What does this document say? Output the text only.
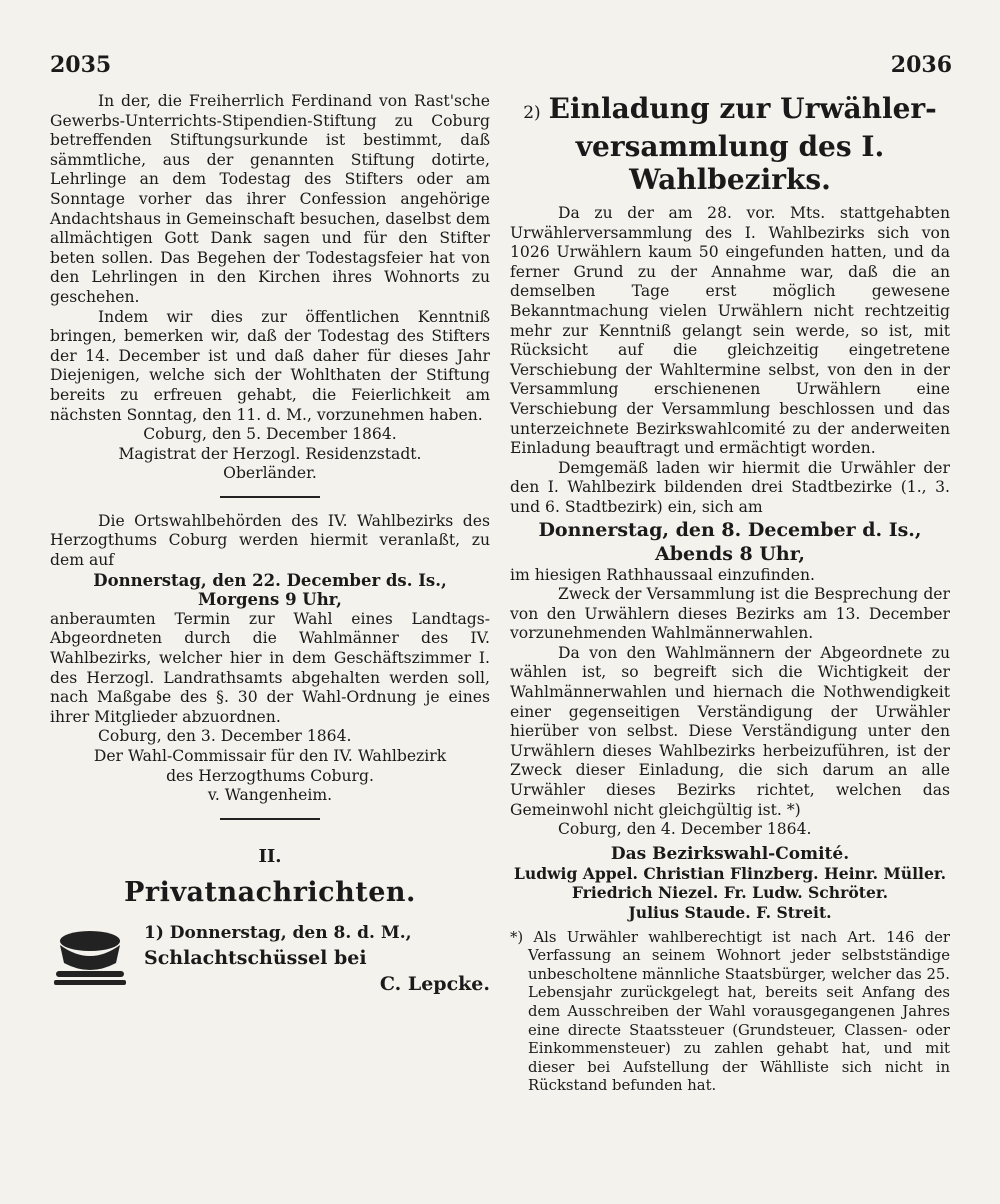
2035	2036

In der, die Freiherrlich Ferdinand von Rast'sche Gewerbs-Unterrichts-Stipendien-Stiftung zu Coburg betreffenden Stiftungsurkunde ist bestimmt, daß sämmtliche, aus der genannten Stiftung dotirte, Lehrlinge an dem Todestag des Stifters oder am Sonntage vorher das ihrer Confession angehörige Andachtshaus in Gemeinschaft besuchen, daselbst dem allmächtigen Gott Dank sagen und für den Stifter beten sollen. Das Begehen der Todestagsfeier hat von den Lehrlingen in den Kirchen ihres Wohnorts zu geschehen.

Indem wir dies zur öffentlichen Kenntniß bringen, bemerken wir, daß der Todestag des Stifters der 14. December ist und daß daher für dieses Jahr Diejenigen, welche sich der Wohlthaten der Stiftung bereits zu erfreuen gehabt, die Feierlichkeit am nächsten Sonntag, den 11. d. M., vorzunehmen haben.

Coburg, den 5. December 1864.

Magistrat der Herzogl. Residenzstadt.

Oberländer.

Die Ortswahlbehörden des IV. Wahlbezirks des Herzogthums Coburg werden hiermit veranlaßt, zu dem auf

Donnerstag, den 22. December ds. Is.,

Morgens 9 Uhr,

anberaumten Termin zur Wahl eines Landtags-Abgeordneten durch die Wahlmänner des IV. Wahlbezirks, welcher hier in dem Geschäftszimmer I. des Herzogl. Landrathsamts abgehalten werden soll, nach Maßgabe des §. 30 der Wahl-Ordnung je eines ihrer Mitglieder abzuordnen.

Coburg, den 3. December 1864.

Der Wahl-Commissair für den IV. Wahlbezirk

des Herzogthums Coburg.

v. Wangenheim.

II.
Privatnachrichten.
1) Donnerstag, den 8. d. M.,
Schlachtschüssel bei
C. Lepcke.
2) Einladung zur Urwähler-
versammlung des I. Wahlbezirks.

Da zu der am 28. vor. Mts. stattgehabten Urwählerversammlung des I. Wahlbezirks sich von 1026 Urwählern kaum 50 eingefunden hatten, und da ferner Grund zu der Annahme war, daß die an demselben Tage erst möglich gewesene Bekanntmachung vielen Urwählern nicht rechtzeitig mehr zur Kenntniß gelangt sein werde, so ist, mit Rücksicht auf die gleichzeitig eingetretene Verschiebung der Wahltermine selbst, von den in der Versammlung erschienenen Urwählern eine Verschiebung der Versammlung beschlossen und das unterzeichnete Bezirkswahlcomité zu der anderweiten Einladung beauftragt und ermächtigt worden.

Demgemäß laden wir hiermit die Urwähler der den I. Wahlbezirk bildenden drei Stadtbezirke (1., 3. und 6. Stadtbezirk) ein, sich am

Donnerstag, den 8. December d. Is.,

Abends 8 Uhr,

im hiesigen Rathhaussaal einzufinden.

Zweck der Versammlung ist die Besprechung der von den Urwählern dieses Bezirks am 13. December vorzunehmenden Wahlmännerwahlen.

Da von den Wahlmännern der Abgeordnete zu wählen ist, so begreift sich die Wichtigkeit der Wahlmännerwahlen und hiernach die Nothwendigkeit einer gegenseitigen Verständigung der Urwähler hierüber von selbst. Diese Verständigung unter den Urwählern dieses Wahlbezirks herbeizuführen, ist der Zweck dieser Einladung, die sich darum an alle Urwähler dieses Bezirks richtet, welchen das Gemeinwohl nicht gleichgültig ist. *)

Coburg, den 4. December 1864.

Das Bezirkswahl-Comité.

Ludwig Appel. Christian Flinzberg. Heinr. Müller.

Friedrich Niezel. Fr. Ludw. Schröter.

Julius Staude. F. Streit.

*) Als Urwähler wahlberechtigt ist nach Art. 146 der Verfassung an seinem Wohnort jeder selbstständige unbescholtene männliche Staatsbürger, welcher das 25. Lebensjahr zurückgelegt hat, bereits seit Anfang des dem Ausschreiben der Wahl vorausgegangenen Jahres eine directe Staatssteuer (Grundsteuer, Classen- oder Einkommensteuer) zu zahlen gehabt hat, und mit dieser bei Aufstellung der Wählliste sich nicht in Rückstand befunden hat.
